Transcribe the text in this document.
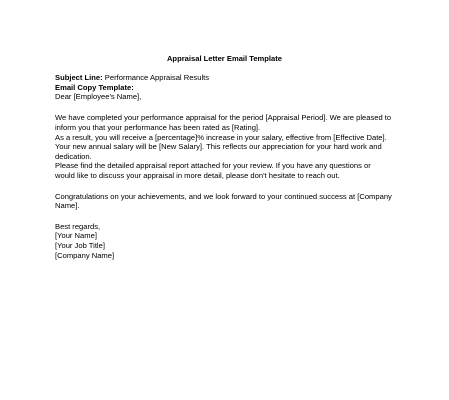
Appraisal Letter Email Template
Subject Line: Performance Appraisal Results
Email Copy Template:
Dear [Employee's Name],
We have completed your performance appraisal for the period [Appraisal Period]. We are pleased to
inform you that your performance has been rated as [Rating].
As a result, you will receive a [percentage]% increase in your salary, effective from [Effective Date].
Your new annual salary will be [New Salary]. This reflects our appreciation for your hard work and
dedication.
Please find the detailed appraisal report attached for your review. If you have any questions or
would like to discuss your appraisal in more detail, please don't hesitate to reach out.
Congratulations on your achievements, and we look forward to your continued success at [Company
Name].
Best regards,
[Your Name]
[Your Job Title]
[Company Name]
